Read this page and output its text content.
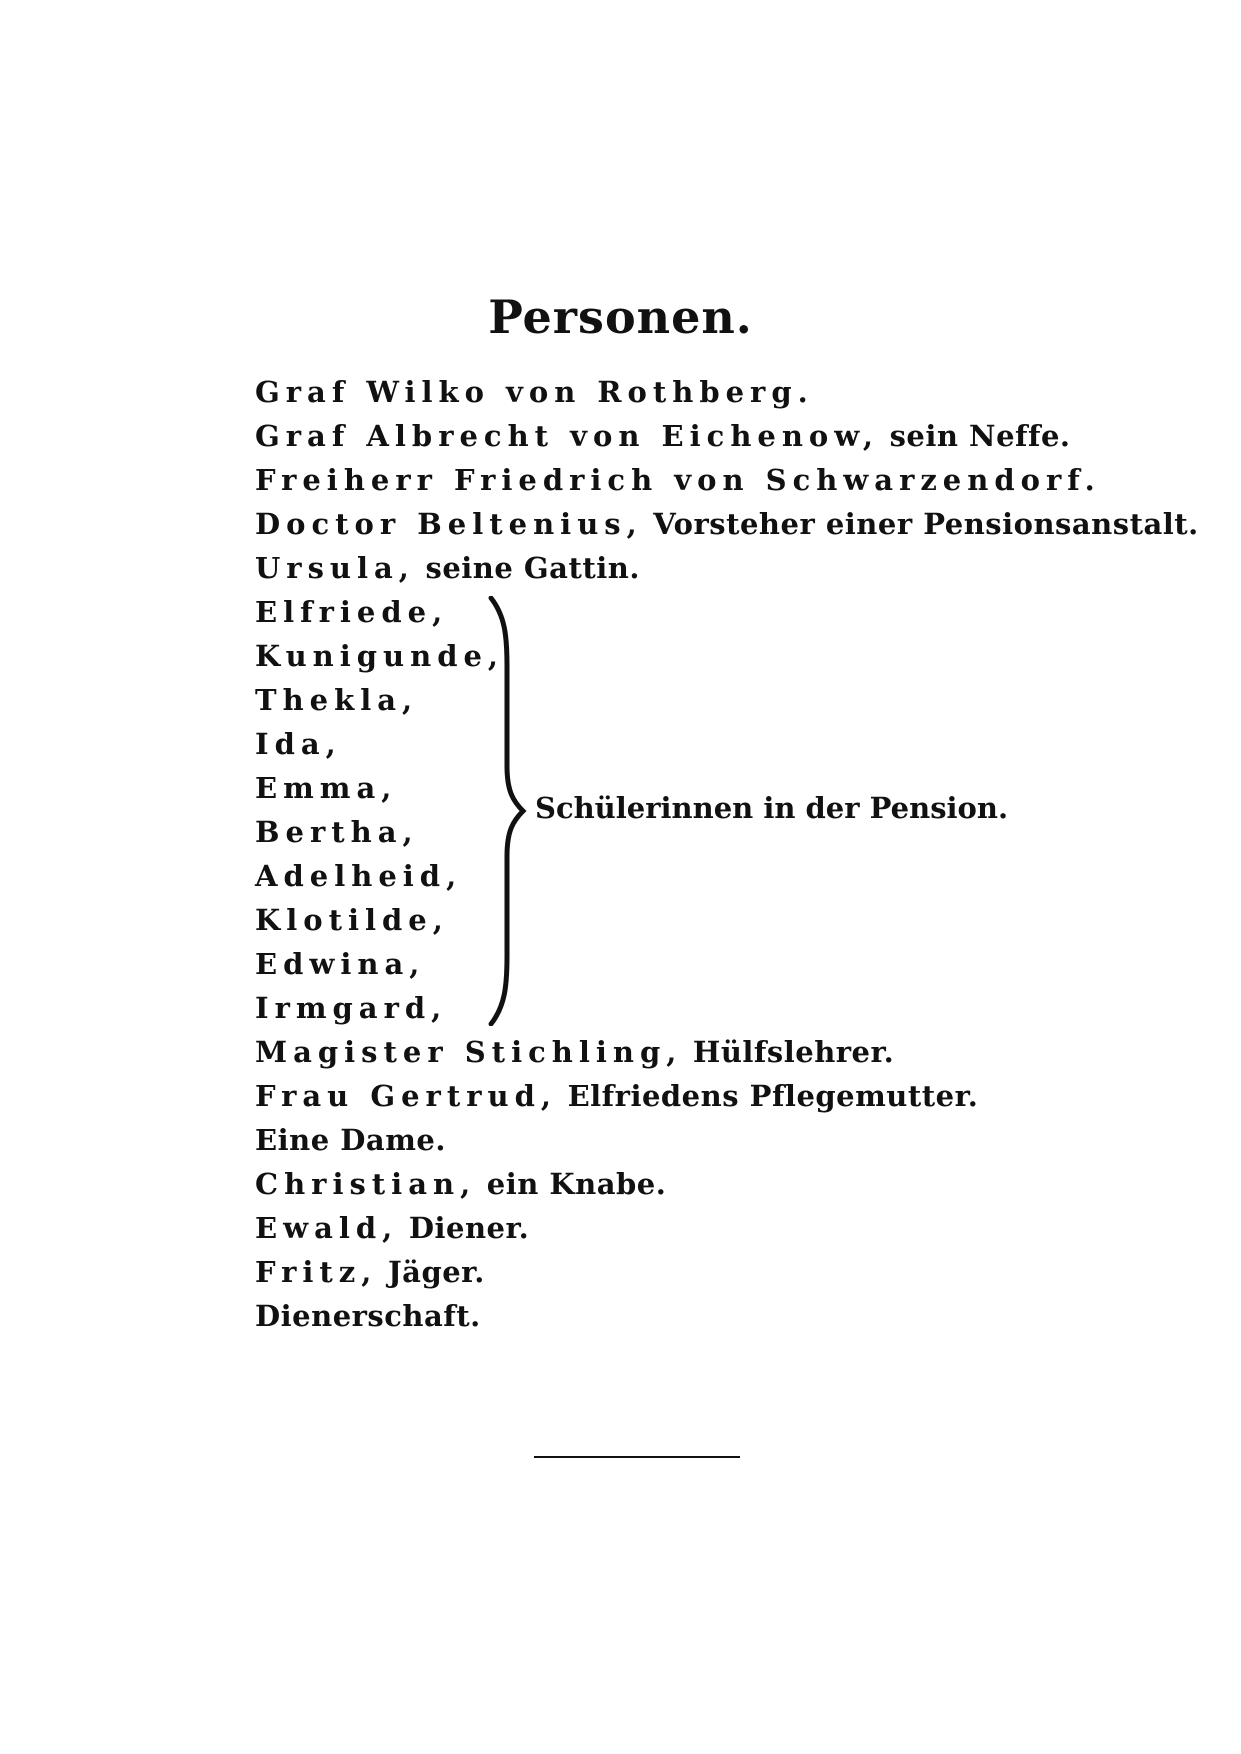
Personen.
Graf Wilko von Rothberg.
Graf Albrecht von Eichenow, sein Neffe.
Freiherr Friedrich von Schwarzendorf.
Doctor Beltenius, Vorsteher einer Pensionsanstalt.
Ursula, seine Gattin.
Elfriede,
Kunigunde,
Thekla,
Ida,
Emma,
Bertha,
Adelheid,
Klotilde,
Edwina,
Irmgard,
Schülerinnen in der Pension.
Magister Stichling, Hülfslehrer.
Frau Gertrud, Elfriedens Pflegemutter.
Eine Dame.
Christian, ein Knabe.
Ewald, Diener.
Fritz, Jäger.
Dienerschaft.
